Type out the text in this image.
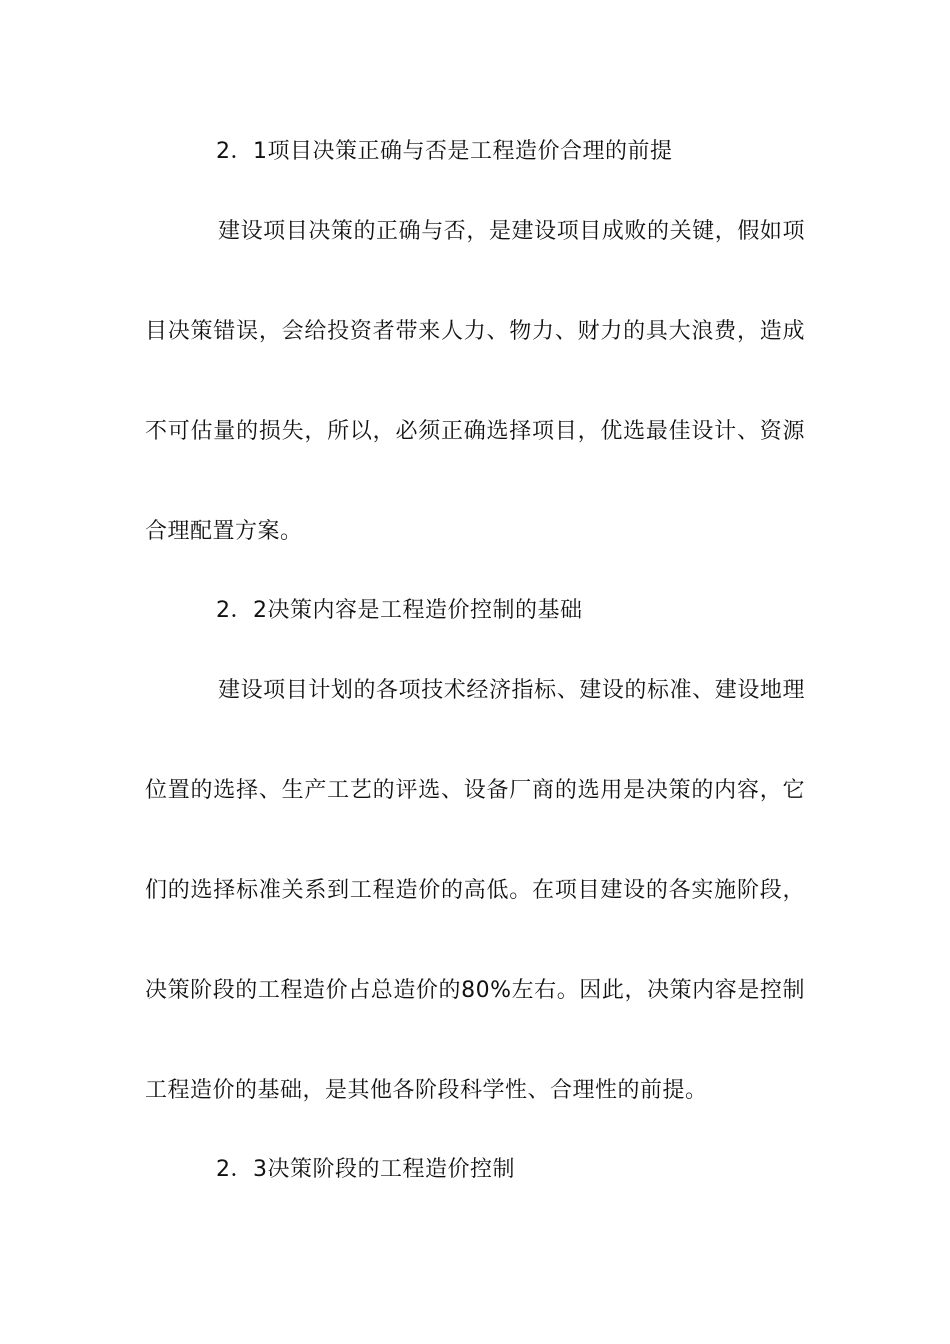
2．1项目决策正确与否是工程造价合理的前提
建设项目决策的正确与否，是建设项目成败的关键，假如项
目决策错误，会给投资者带来人力、物力、财力的具大浪费，造成
不可估量的损失，所以，必须正确选择项目，优选最佳设计、资源
合理配置方案。
2．2决策内容是工程造价控制的基础
建设项目计划的各项技术经济指标、建设的标准、建设地理
位置的选择、生产工艺的评选、设备厂商的选用是决策的内容，它
们的选择标准关系到工程造价的高低。在项目建设的各实施阶段，
决策阶段的工程造价占总造价的80%左右。因此，决策内容是控制
工程造价的基础，是其他各阶段科学性、合理性的前提。
2．3决策阶段的工程造价控制
